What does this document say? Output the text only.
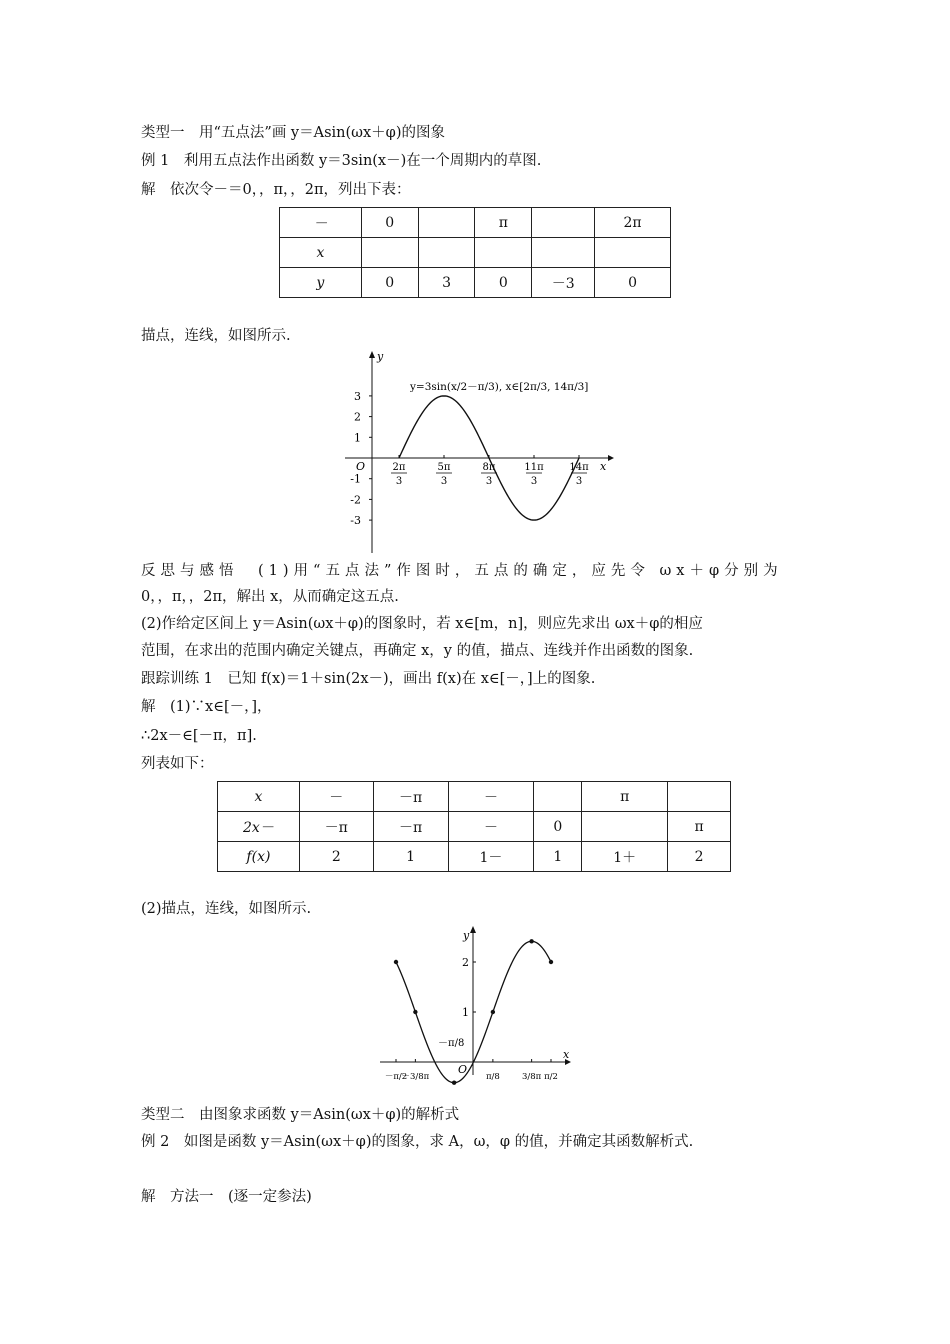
类型一　用“五点法”画 y＝Asin(ωx＋φ)的图象
例 1　利用五点法作出函数 y＝3sin(x－)在一个周期内的草图.
解　依次令－＝0，，π，，2π，列出下表：
－	0		π		2π
x					
y	0	3	0	－3	0
描点，连线，如图所示.
y
x
O
3
2
1
-1
-2
-3
2π
3
5π
3
8π
3
11π
3
14π
3
y=3sin(x/2－π/3), x∈[2π/3, 14π/3]
反思与感悟　(1)用“五点法”作图时，五点的确定，应先令 ωx＋φ分别为
0，，π，，2π，解出 x，从而确定这五点.
(2)作给定区间上 y＝Asin(ωx＋φ)的图象时，若 x∈[m，n]，则应先求出 ωx＋φ的相应
范围，在求出的范围内确定关键点，再确定 x，y 的值，描点、连线并作出函数的图象.
跟踪训练 1　已知 f(x)＝1＋sin(2x－)，画出 f(x)在 x∈[－，]上的图象.
解　(1)∵x∈[－，]，
∴2x－∈[－π，π].
列表如下：
x	－	－π	－		π	
2x－	－π	－π	－	0		π
f(x)	2	1	1－	1	1＋	2
(2)描点，连线，如图所示.
y
x
O
2
1
－π/2
－3/8π	π/8	3/8π π/2
－π/8
类型二　由图象求函数 y＝Asin(ωx＋φ)的解析式
例 2　如图是函数 y＝Asin(ωx＋φ)的图象，求 A，ω，φ 的值，并确定其函数解析式.
解　方法一　(逐一定参法)
